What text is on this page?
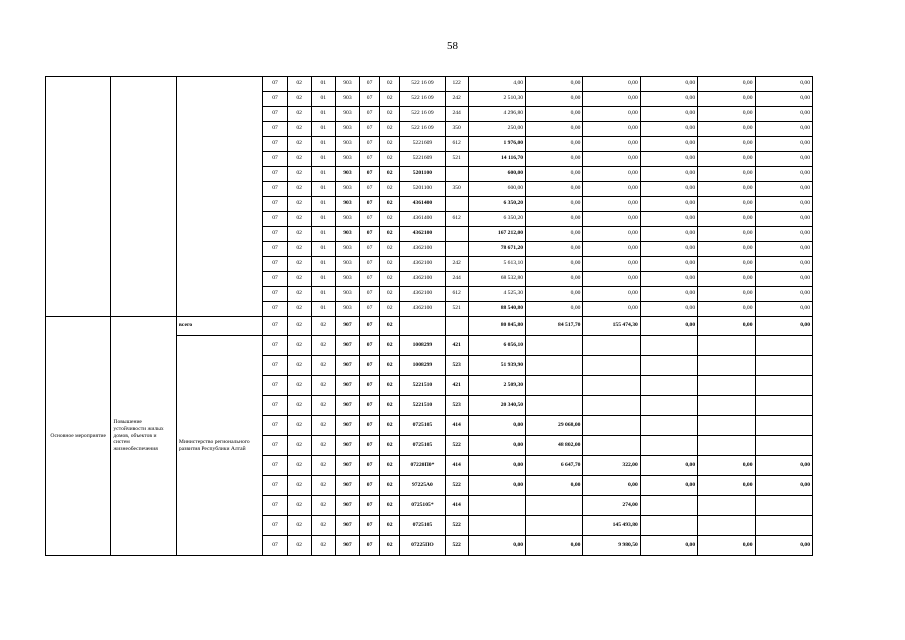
58
			07	02	01	903	07	02	522 16 09	122	4,00	0,00	0,00	0,00	0,00	0,00
			07	02	01	903	07	02	522 16 09	242	2 510,30	0,00	0,00	0,00	0,00	0,00
			07	02	01	903	07	02	522 16 09	244	4 296,80	0,00	0,00	0,00	0,00	0,00
			07	02	01	903	07	02	522 16 09	350	250,00	0,00	0,00	0,00	0,00	0,00
			07	02	01	903	07	02	5221609	612	1 976,00	0,00	0,00	0,00	0,00	0,00
			07	02	01	903	07	02	5221609	521	14 116,70	0,00	0,00	0,00	0,00	0,00
			07	02	01	903	07	02	5201100		600,00	0,00	0,00	0,00	0,00	0,00
			07	02	01	903	07	02	5201100	350	600,00	0,00	0,00	0,00	0,00	0,00
			07	02	01	903	07	02	4361400		6 350,20	0,00	0,00	0,00	0,00	0,00
			07	02	01	903	07	02	4361400	612	6 350,20	0,00	0,00	0,00	0,00	0,00
			07	02	01	903	07	02	4362100		167 212,00	0,00	0,00	0,00	0,00	0,00
			07	02	01	903	07	02	4362100		78 671,20	0,00	0,00	0,00	0,00	0,00
			07	02	01	903	07	02	4362100	242	5 613,10	0,00	0,00	0,00	0,00	0,00
			07	02	01	903	07	02	4362100	244	68 532,80	0,00	0,00	0,00	0,00	0,00
			07	02	01	903	07	02	4362100	612	4 525,30	0,00	0,00	0,00	0,00	0,00
			07	02	01	903	07	02	4362100	521	88 540,80	0,00	0,00	0,00	0,00	0,00
Основное мероприятие	Повышение устойчивости жилых домов, объектов и систем жизнеобеспечения	всего	07	02	02	907	07	02			80 845,80	84 517,70	155 474,30	0,00	0,00	0,00
		Министерство регионального развития Республики Алтай	07	02	02	907	07	02	1008299	421	6 056,10					
			07	02	02	907	07	02	1008299	523	51 939,90					
			07	02	02	907	07	02	5221510	421	2 509,30					
			07	02	02	907	07	02	5221510	523	20 340,50					
			07	02	02	907	07	02	0725105	414	0,00	29 068,00				
			07	02	02	907	07	02	0725105	522	0,00	48 802,00				
			07	02	02	907	07	02	07220П0*	414	0,00	6 647,70	322,00	0,00	0,00	0,00
			07	02	02	907	07	02	97225А0	522	0,00	0,00	0,00	0,00	0,00	0,00
			07	02	02	907	07	02	0725105*	414			274,00			
			07	02	02	907	07	02	0725105	522			145 493,80			
			07	02	02	907	07	02	07225ПО	522	0,00	0,00	9 980,50	0,00	0,00	0,00
